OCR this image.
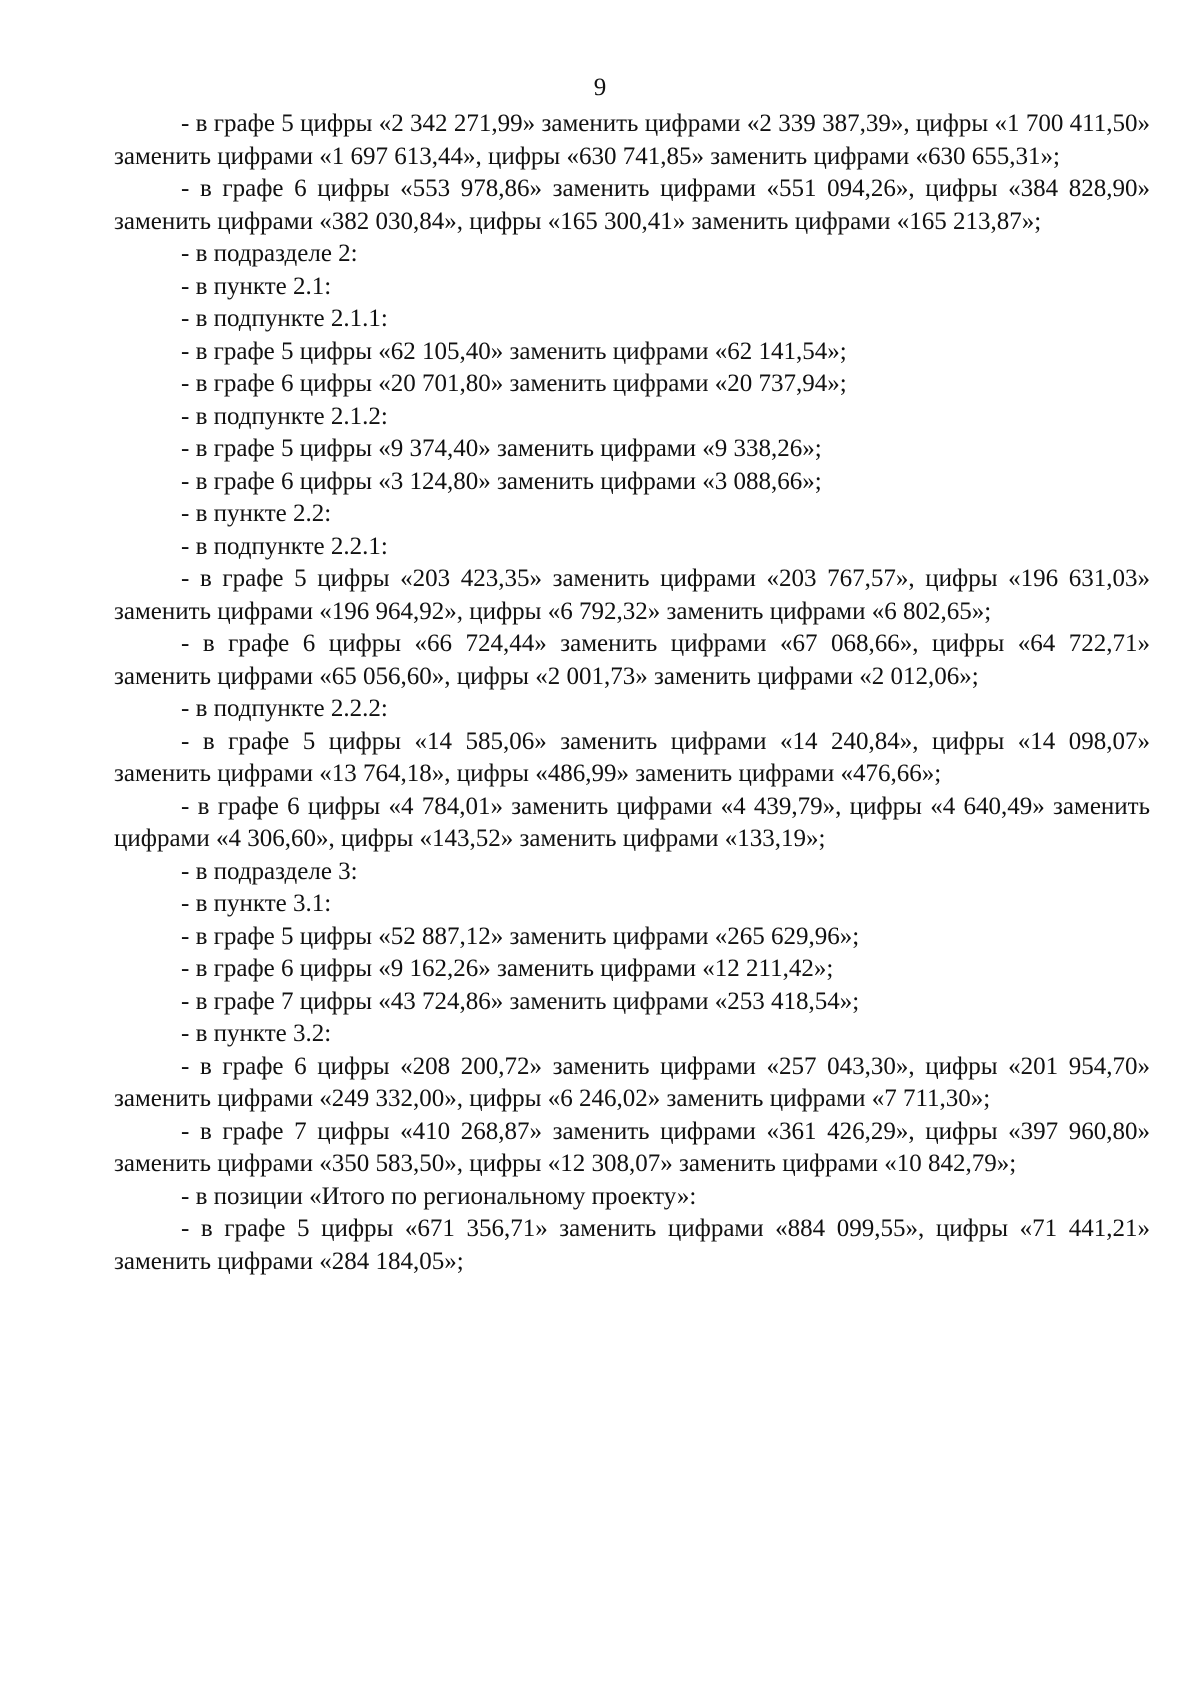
9

- в графе 5 цифры «2 342 271,99» заменить цифрами «2 339 387,39», цифры «1 700 411,50» заменить цифрами «1 697 613,44», цифры «630 741,85» заменить цифрами «630 655,31»;

- в графе 6 цифры «553 978,86» заменить цифрами «551 094,26», цифры «384 828,90» заменить цифрами «382 030,84», цифры «165 300,41» заменить цифрами «165 213,87»;

- в подразделе 2:

- в пункте 2.1:

- в подпункте 2.1.1:

- в графе 5 цифры «62 105,40» заменить цифрами «62 141,54»;

- в графе 6 цифры «20 701,80» заменить цифрами «20 737,94»;

- в подпункте 2.1.2:

- в графе 5 цифры «9 374,40» заменить цифрами «9 338,26»;

- в графе 6 цифры «3 124,80» заменить цифрами «3 088,66»;

- в пункте 2.2:

- в подпункте 2.2.1:

- в графе 5 цифры «203 423,35» заменить цифрами «203 767,57», цифры «196 631,03» заменить цифрами «196 964,92», цифры «6 792,32» заменить цифрами «6 802,65»;

- в графе 6 цифры «66 724,44» заменить цифрами «67 068,66», цифры «64 722,71» заменить цифрами «65 056,60», цифры «2 001,73» заменить цифрами «2 012,06»;

- в подпункте 2.2.2:

- в графе 5 цифры «14 585,06» заменить цифрами «14 240,84», цифры «14 098,07» заменить цифрами «13 764,18», цифры «486,99» заменить цифрами «476,66»;

- в графе 6 цифры «4 784,01» заменить цифрами «4 439,79», цифры «4 640,49» заменить цифрами «4 306,60», цифры «143,52» заменить цифрами «133,19»;

- в подразделе 3:

- в пункте 3.1:

- в графе 5 цифры «52 887,12» заменить цифрами «265 629,96»;

- в графе 6 цифры «9 162,26» заменить цифрами «12 211,42»;

- в графе 7 цифры «43 724,86» заменить цифрами «253 418,54»;

- в пункте 3.2:

- в графе 6 цифры «208 200,72» заменить цифрами «257 043,30», цифры «201 954,70» заменить цифрами «249 332,00», цифры «6 246,02» заменить цифрами «7 711,30»;

- в графе 7 цифры «410 268,87» заменить цифрами «361 426,29», цифры «397 960,80» заменить цифрами «350 583,50», цифры «12 308,07» заменить цифрами «10 842,79»;

- в позиции «Итого по региональному проекту»:

- в графе 5 цифры «671 356,71» заменить цифрами «884 099,55», цифры «71 441,21» заменить цифрами «284 184,05»;
